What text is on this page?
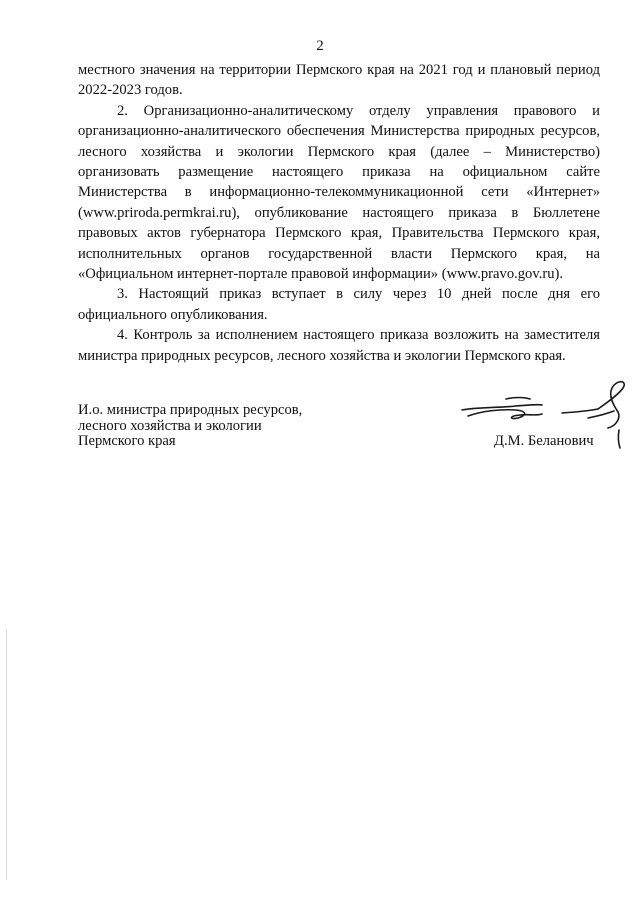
2

местного значения на территории Пермского края на 2021 год и плановый период 2022-2023 годов.

2. Организационно-аналитическому отделу управления правового и организационно-аналитического обеспечения Министерства природных ресурсов, лесного хозяйства и экологии Пермского края (далее – Министерство) организовать размещение настоящего приказа на официальном сайте Министерства в информационно-телекоммуникационной сети «Интернет» (www.priroda.permkrai.ru), опубликование настоящего приказа в Бюллетене правовых актов губернатора Пермского края, Правительства Пермского края, исполнительных органов государственной власти Пермского края, на «Официальном интернет-портале правовой информации» (www.pravo.gov.ru).

3. Настоящий приказ вступает в силу через 10 дней после дня его официального опубликования.

4. Контроль за исполнением настоящего приказа возложить на заместителя министра природных ресурсов, лесного хозяйства и экологии Пермского края.

И.о. министра природных ресурсов,
лесного хозяйства и экологии
Пермского края	Д.М. Беланович
